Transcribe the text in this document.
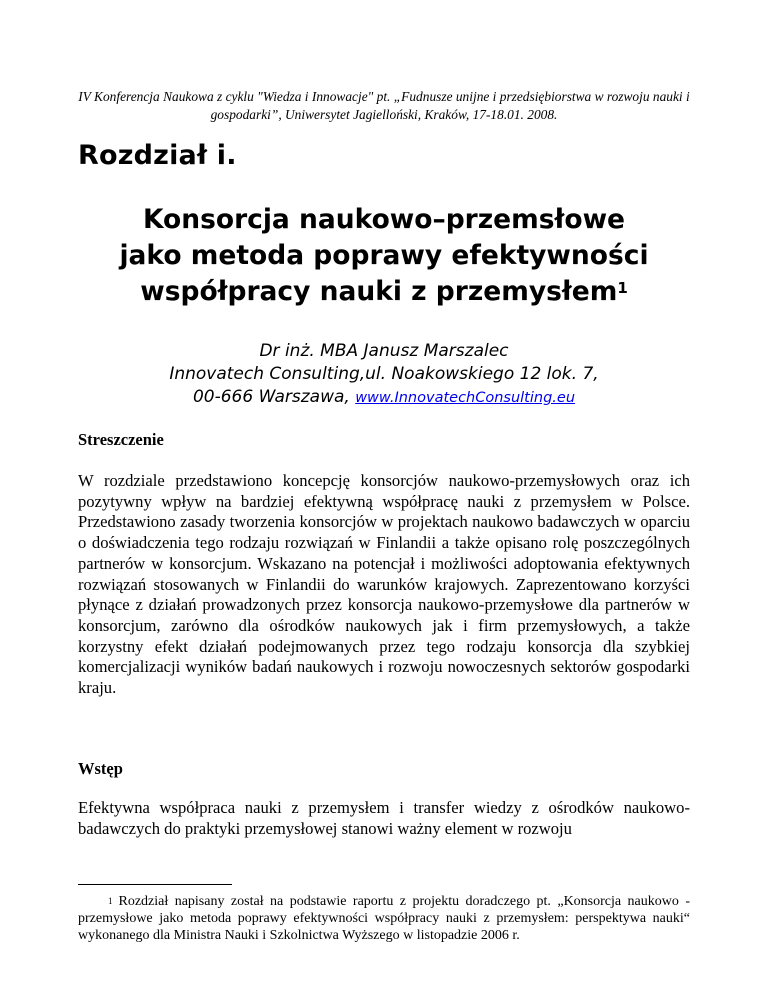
IV Konferencja Naukowa z cyklu "Wiedza i Innowacje" pt. „Fudnusze unijne i przedsiębiorstwa w rozwoju nauki i gospodarki”, Uniwersytet Jagielloński, Kraków, 17-18.01. 2008.
Rozdział i.
Konsorcja naukowo–przemsłowe
jako metoda poprawy efektywności
współpracy nauki z przemysłem$^1$
Dr inż. MBA Janusz Marszalec
Innovatech Consulting,ul. Noakowskiego 12 lok. 7,
00-666 Warszawa, www.InnovatechConsulting.eu
Streszczenie

W rozdziale przedstawiono koncepcję konsorcjów naukowo-przemysłowych oraz ich pozytywny wpływ na bardziej efektywną współpracę nauki z przemysłem w Polsce. Przedstawiono zasady tworzenia konsorcjów w projektach naukowo badawczych w oparciu o doświadczenia tego rodzaju rozwiązań w Finlandii a także opisano rolę poszczególnych partnerów w konsorcjum. Wskazano na potencjał i możliwości adoptowania efektywnych rozwiązań stosowanych w Finlandii do warunków krajowych. Zaprezentowano korzyści płynące z działań prowadzonych przez konsorcja naukowo-przemysłowe dla partnerów w konsorcjum, zarówno dla ośrodków naukowych jak i firm przemysłowych, a także korzystny efekt działań podejmowanych przez tego rodzaju konsorcja dla szybkiej komercjalizacji wyników badań naukowych i rozwoju nowoczesnych sektorów gospodarki kraju.

Wstęp

Efektywna współpraca nauki z przemysłem i transfer wiedzy z ośrodków naukowo-badawczych do praktyki przemysłowej stanowi ważny element w rozwoju

$^1$ Rozdział napisany został na podstawie raportu z projektu doradczego pt. „Konsorcja naukowo - przemysłowe jako metoda poprawy efektywności współpracy nauki z przemysłem: perspektywa nauki“ wykonanego dla Ministra Nauki i Szkolnictwa Wyższego w listopadzie 2006 r.
